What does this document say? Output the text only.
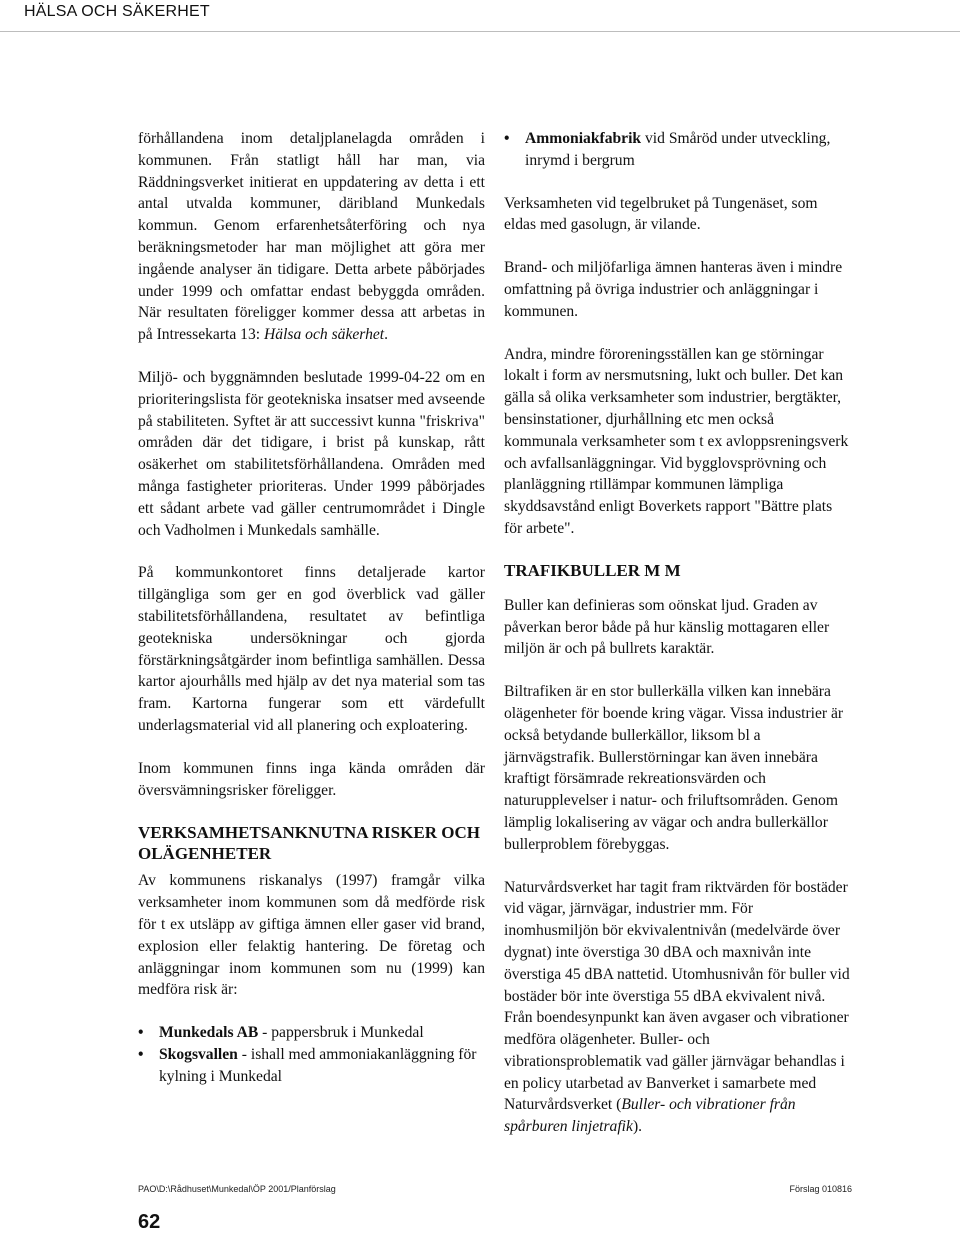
HÄLSA OCH SÄKERHET

förhållandena inom detaljplanelagda områden i kommunen. Från statligt håll har man, via Räddningsverket initierat en uppdatering av detta i ett antal utvalda kommuner, däribland Munkedals kommun. Genom erfarenhetsåterföring och nya beräkningsmetoder har man möjlighet att göra mer ingående analyser än tidigare. Detta arbete påbörjades under 1999 och omfattar endast bebyggda områden. När resultaten föreligger kommer dessa att arbetas in på Intressekarta 13: Hälsa och säkerhet.

Miljö- och byggnämnden beslutade 1999-04-22 om en prioriteringslista för geotekniska insatser med avseende på stabiliteten. Syftet är att successivt kunna "friskriva" områden där det tidigare, i brist på kunskap, rått osäkerhet om stabilitetsförhållandena. Områden med många fastigheter prioriteras. Under 1999 påbörjades ett sådant arbete vad gäller centrumområdet i Dingle och Vadholmen i Munkedals samhälle.

På kommunkontoret finns detaljerade kartor tillgängliga som ger en god överblick vad gäller stabilitetsförhållandena, resultatet av befintliga geotekniska undersökningar och gjorda förstärkningsåtgärder inom befintliga samhällen. Dessa kartor ajourhålls med hjälp av det nya material som tas fram. Kartorna fungerar som ett värdefullt underlagsmaterial vid all planering och exploatering.

Inom kommunen finns inga kända områden där översvämningsrisker föreligger.

VERKSAMHETSANKNUTNA RISKER OCH OLÄGENHETER

Av kommunens riskanalys (1997) framgår vilka verksamheter inom kommunen som då medförde risk för t ex utsläpp av giftiga ämnen eller gaser vid brand, explosion eller felaktig hantering. De företag och anläggningar inom kommunen som nu (1999) kan medföra risk är:

• Munkedals AB - pappersbruk i Munkedal
• Skogsvallen - ishall med ammoniakanläggning för kylning i Munkedal
• Ammoniakfabrik vid Småröd under utveckling, inrymd i bergrum

Verksamheten vid tegelbruket på Tungenäset, som eldas med gasolugn, är vilande.

Brand- och miljöfarliga ämnen hanteras även i mindre omfattning på övriga industrier och anläggningar i kommunen.

Andra, mindre föroreningsställen kan ge störningar lokalt i form av nersmutsning, lukt och buller. Det kan gälla så olika verksamheter som industrier, bergtäkter, bensinstationer, djurhållning etc men också kommunala verksamheter som t ex avloppsreningsverk och avfallsanläggningar. Vid bygglovsprövning och planläggning rtillämpar kommunen lämpliga skyddsavstånd enligt Boverkets rapport "Bättre plats för arbete".

TRAFIKBULLER M M

Buller kan definieras som oönskat ljud. Graden av påverkan beror både på hur känslig mottagaren eller miljön är och på bullrets karaktär.

Biltrafiken är en stor bullerkälla vilken kan innebära olägenheter för boende kring vägar. Vissa industrier är också betydande bullerkällor, liksom bl a järnvägstrafik. Bullerstörningar kan även innebära kraftigt försämrade rekreationsvärden och naturupplevelser i natur- och friluftsområden. Genom lämplig lokalisering av vägar och andra bullerkällor bullerproblem förebyggas.

Naturvårdsverket har tagit fram riktvärden för bostäder vid vägar, järnvägar, industrier mm. För inomhusmiljön bör ekvivalentnivån (medelvärde över dygnat) inte överstiga 30 dBA och maxnivån inte överstiga 45 dBA nattetid. Utomhusnivån för buller vid bostäder bör inte överstiga 55 dBA ekvivalent nivå. Från boendesynpunkt kan även avgaser och vibrationer medföra olägenheter. Buller- och vibrationsproblematik vad gäller järnvägar behandlas i en policy utarbetad av Banverket i samarbete med Naturvårdsverket (Buller- och vibrationer från spårburen linjetrafik).

PAO\D:\Rådhuset\Munkedal\ÖP 2001/Planförslag	Förslag 010816
62
